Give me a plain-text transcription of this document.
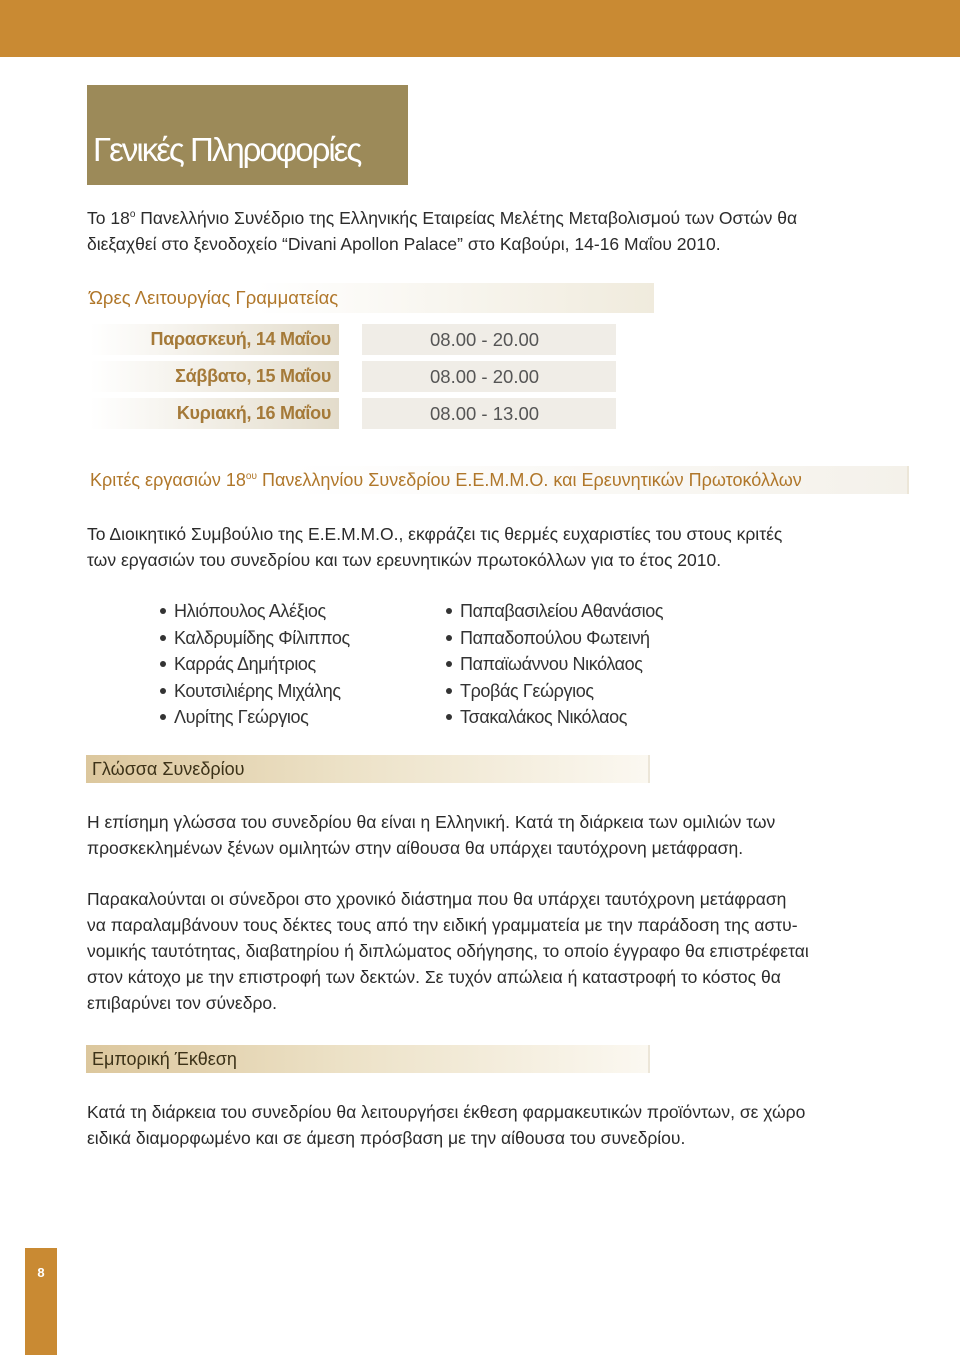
Γενικές Πληροφορίες

Το $18^o$ Πανελλήνιο Συνέδριο της Ελληνικής Εταιρείας Μελέτης Μεταβολισμού των Οστών θα
διεξαχθεί στο ξενοδοχείο “Divani Apollon Palace” στο Καβούρι, 14-16 Μαΐου 2010.

Ώρες Λειτουργίας Γραμματείας
Παρασκευή, 14 Μαΐου	08.00 - 20.00
Σάββατο, 15 Μαΐου	08.00 - 20.00
Κυριακή, 16 Μαΐου	08.00 - 13.00
Κριτές εργασιών $18^{o\upsilon}$ Πανελληνίου Συνεδρίου Ε.Ε.Μ.Μ.Ο. και Ερευνητικών Πρωτοκόλλων

Το Διοικητικό Συμβούλιο της Ε.Ε.Μ.Μ.Ο., εκφράζει τις θερμές ευχαριστίες του στους κριτές
των εργασιών του συνεδρίου και των ερευνητικών πρωτοκόλλων για το έτος 2010.

Ηλιόπουλος Αλέξιος
Καλδρυμίδης Φίλιππος
Καρράς Δημήτριος
Κουτσιλιέρης Μιχάλης
Λυρίτης Γεώργιος
Παπαβασιλείου Αθανάσιος
Παπαδοπούλου Φωτεινή
Παπαϊωάννου Νικόλαος
Τροβάς Γεώργιος
Τσακαλάκος Νικόλαος
Γλώσσα Συνεδρίου

Η επίσημη γλώσσα του συνεδρίου θα είναι η Ελληνική. Κατά τη διάρκεια των ομιλιών των
προσκεκλημένων ξένων ομιλητών στην αίθουσα θα υπάρχει ταυτόχρονη μετάφραση.

Παρακαλούνται οι σύνεδροι στο χρονικό διάστημα που θα υπάρχει ταυτόχρονη μετάφραση
να παραλαμβάνουν τους δέκτες τους από την ειδική γραμματεία με την παράδοση της αστυ-
νομικής ταυτότητας, διαβατηρίου ή διπλώματος οδήγησης, το οποίο έγγραφο θα επιστρέφεται
στον κάτοχο με την επιστροφή των δεκτών. Σε τυχόν απώλεια ή καταστροφή το κόστος θα
επιβαρύνει τον σύνεδρο.

Εμπορική Έκθεση

Κατά τη διάρκεια του συνεδρίου θα λειτουργήσει έκθεση φαρμακευτικών προϊόντων, σε χώρο
ειδικά διαμορφωμένο και σε άμεση πρόσβαση με την αίθουσα του συνεδρίου.

8
